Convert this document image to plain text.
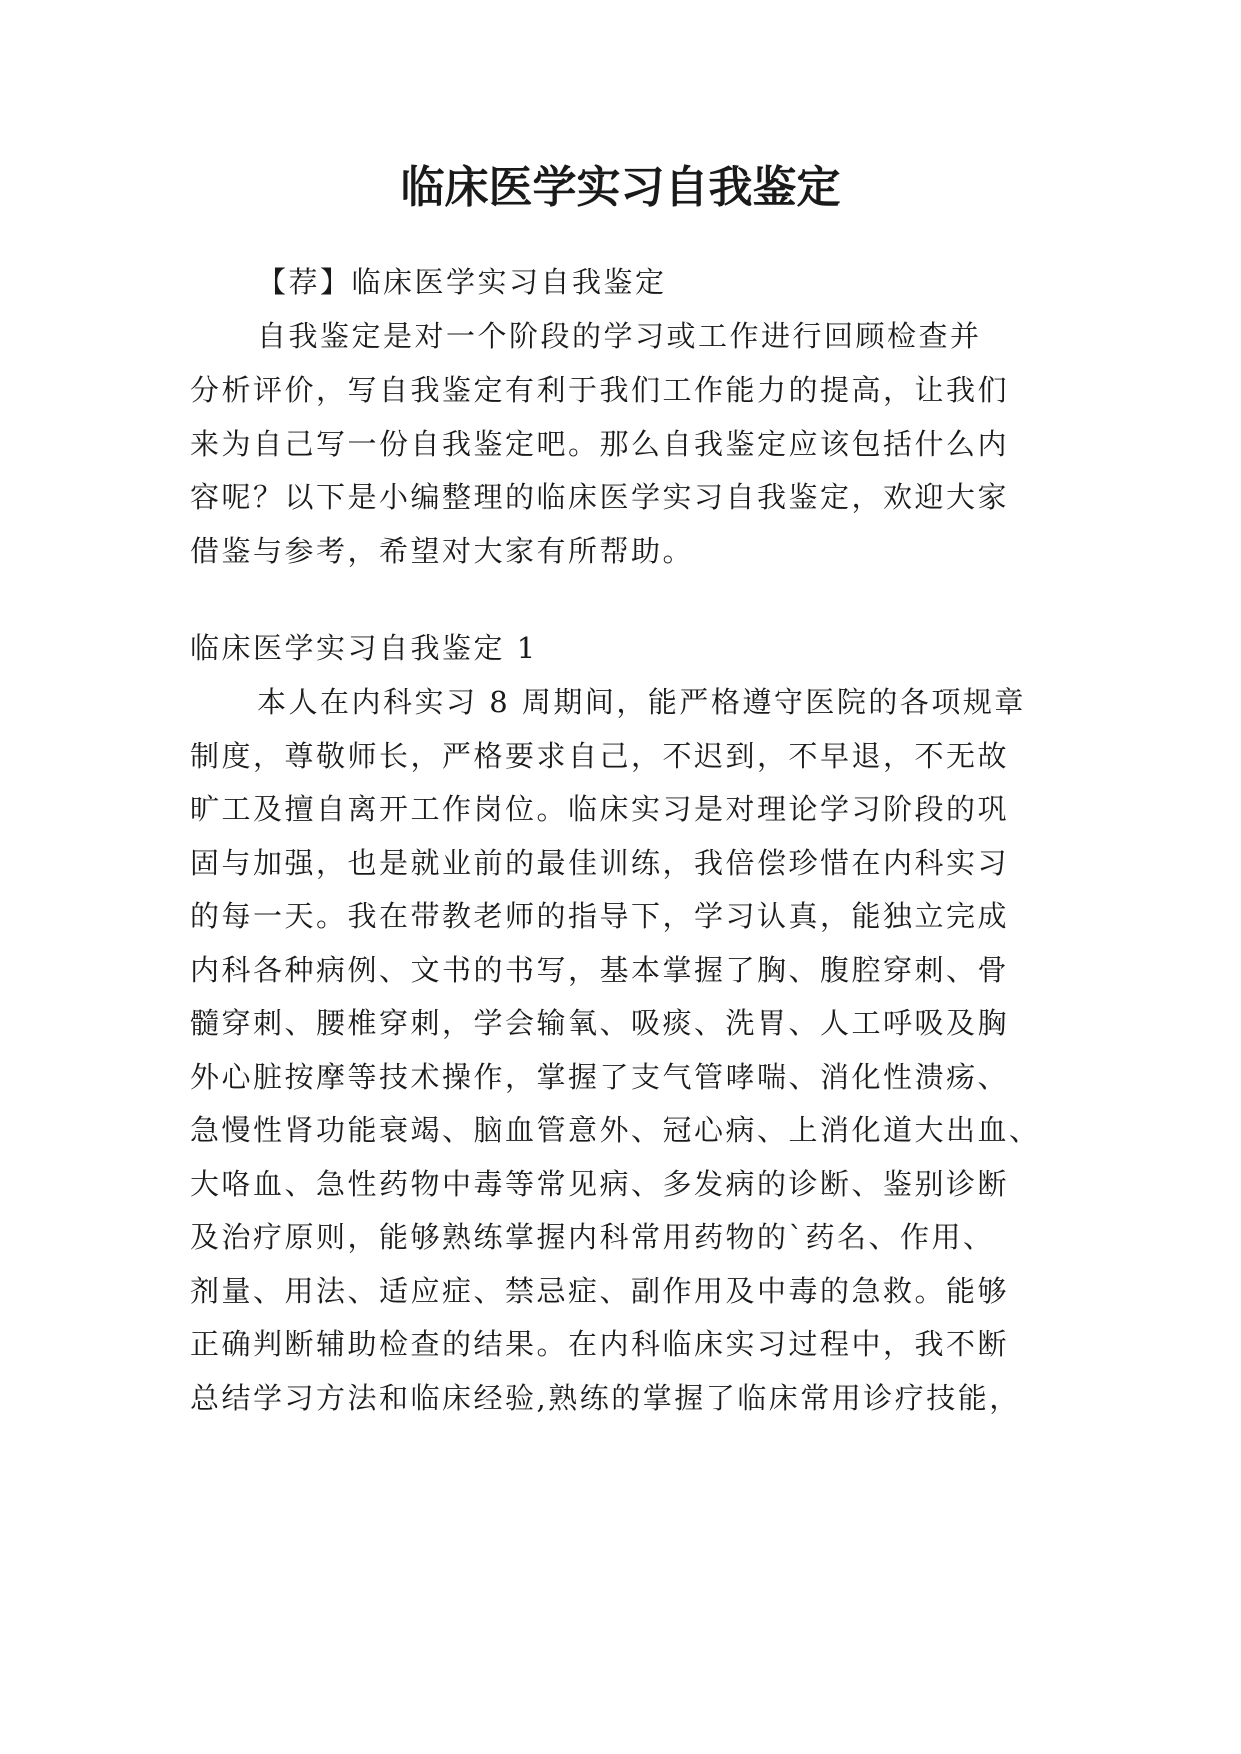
临床医学实习自我鉴定

【荐】临床医学实习自我鉴定

自我鉴定是对一个阶段的学习或工作进行回顾检查并

分析评价，写自我鉴定有利于我们工作能力的提高，让我们

来为自己写一份自我鉴定吧。那么自我鉴定应该包括什么内

容呢？以下是小编整理的临床医学实习自我鉴定，欢迎大家

借鉴与参考，希望对大家有所帮助。

临床医学实习自我鉴定 1

本人在内科实习 8 周期间，能严格遵守医院的各项规章

制度，尊敬师长，严格要求自己，不迟到，不早退，不无故

旷工及擅自离开工作岗位。临床实习是对理论学习阶段的巩

固与加强，也是就业前的最佳训练，我倍偿珍惜在内科实习

的每一天。我在带教老师的指导下，学习认真，能独立完成

内科各种病例、文书的书写，基本掌握了胸、腹腔穿刺、骨

髓穿刺、腰椎穿刺，学会输氧、吸痰、洗胃、人工呼吸及胸

外心脏按摩等技术操作，掌握了支气管哮喘、消化性溃疡、

急慢性肾功能衰竭、脑血管意外、冠心病、上消化道大出血、

大咯血、急性药物中毒等常见病、多发病的诊断、鉴别诊断

及治疗原则，能够熟练掌握内科常用药物的`药名、作用、

剂量、用法、适应症、禁忌症、副作用及中毒的急救。能够

正确判断辅助检查的结果。在内科临床实习过程中，我不断

总结学习方法和临床经验,熟练的掌握了临床常用诊疗技能，
